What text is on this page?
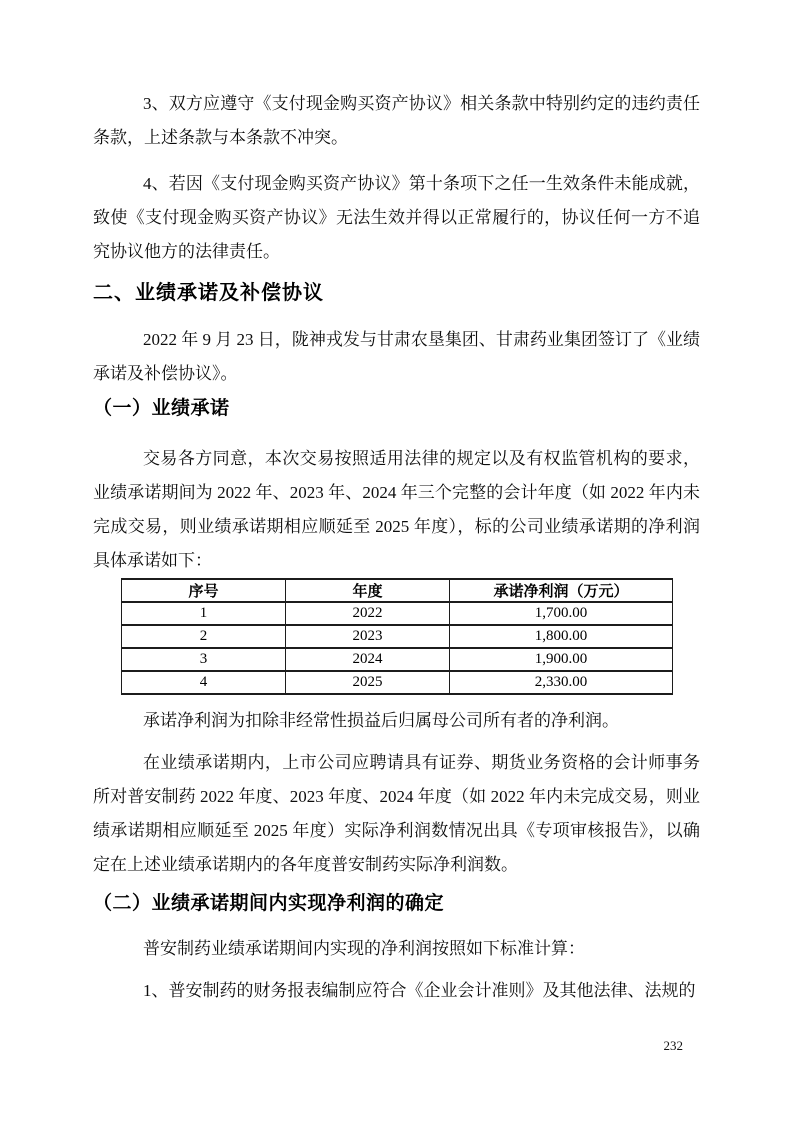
3、双方应遵守《支付现金购买资产协议》相关条款中特别约定的违约责任条款，上述条款与本条款不冲突。

4、若因《支付现金购买资产协议》第十条项下之任一生效条件未能成就，致使《支付现金购买资产协议》无法生效并得以正常履行的，协议任何一方不追究协议他方的法律责任。

二、业绩承诺及补偿协议

2022 年 9 月 23 日，陇神戎发与甘肃农垦集团、甘肃药业集团签订了《业绩承诺及补偿协议》。

（一）业绩承诺

交易各方同意，本次交易按照适用法律的规定以及有权监管机构的要求，业绩承诺期间为 2022 年、2023 年、2024 年三个完整的会计年度（如 2022 年内未完成交易，则业绩承诺期相应顺延至 2025 年度），标的公司业绩承诺期的净利润具体承诺如下：

序号	年度	承诺净利润（万元）
1	2022	1,700.00
2	2023	1,800.00
3	2024	1,900.00
4	2025	2,330.00

承诺净利润为扣除非经常性损益后归属母公司所有者的净利润。

在业绩承诺期内，上市公司应聘请具有证券、期货业务资格的会计师事务所对普安制药 2022 年度、2023 年度、2024 年度（如 2022 年内未完成交易，则业绩承诺期相应顺延至 2025 年度）实际净利润数情况出具《专项审核报告》，以确定在上述业绩承诺期内的各年度普安制药实际净利润数。

（二）业绩承诺期间内实现净利润的确定

普安制药业绩承诺期间内实现的净利润按照如下标准计算：

1、普安制药的财务报表编制应符合《企业会计准则》及其他法律、法规的

232
